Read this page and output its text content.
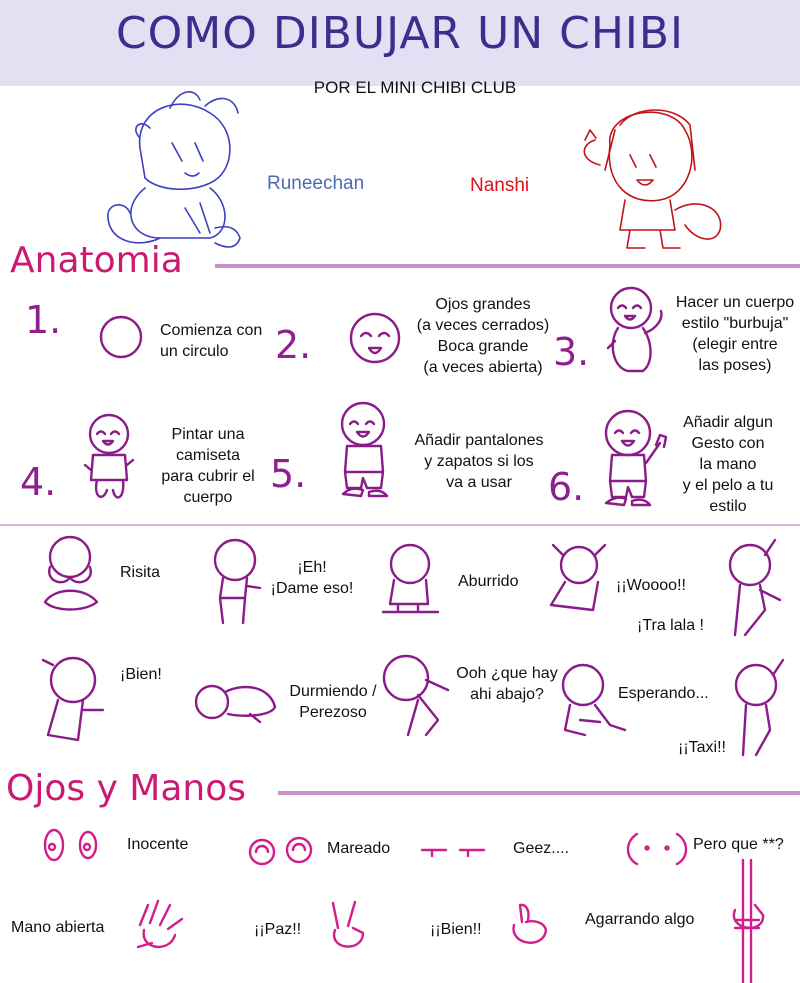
COMO DIBUJAR UN CHIBI
POR EL MINI CHIBI CLUB
Runeechan	Nanshi
Anatomia
1.	Comienza con
un circulo	2.
Ojos grandes
(a veces cerrados)
Boca grande
(a veces abierta) 3.
Hacer un cuerpo
estilo "burbuja"
(elegir entre
las poses)
4.
Pintar una
camiseta
para cubrir el
cuerpo
5.
Añadir pantalones
y zapatos si los
va a usar 6.
Añadir algun
Gesto con
la mano
y el pelo a tu
estilo
Risita	¡Eh!
¡Dame eso!	Aburrido	¡¡Woooo!!
¡Tra lala !
¡Bien!
Durmiendo /
Perezoso
Ooh ¿que hay
ahi abajo?	Esperando...
¡¡Taxi!!
Ojos y Manos
Inocente	Mareado	Geez....	Pero que **?
Mano abierta	¡¡Paz!!	¡¡Bien!!
Agarrando algo
